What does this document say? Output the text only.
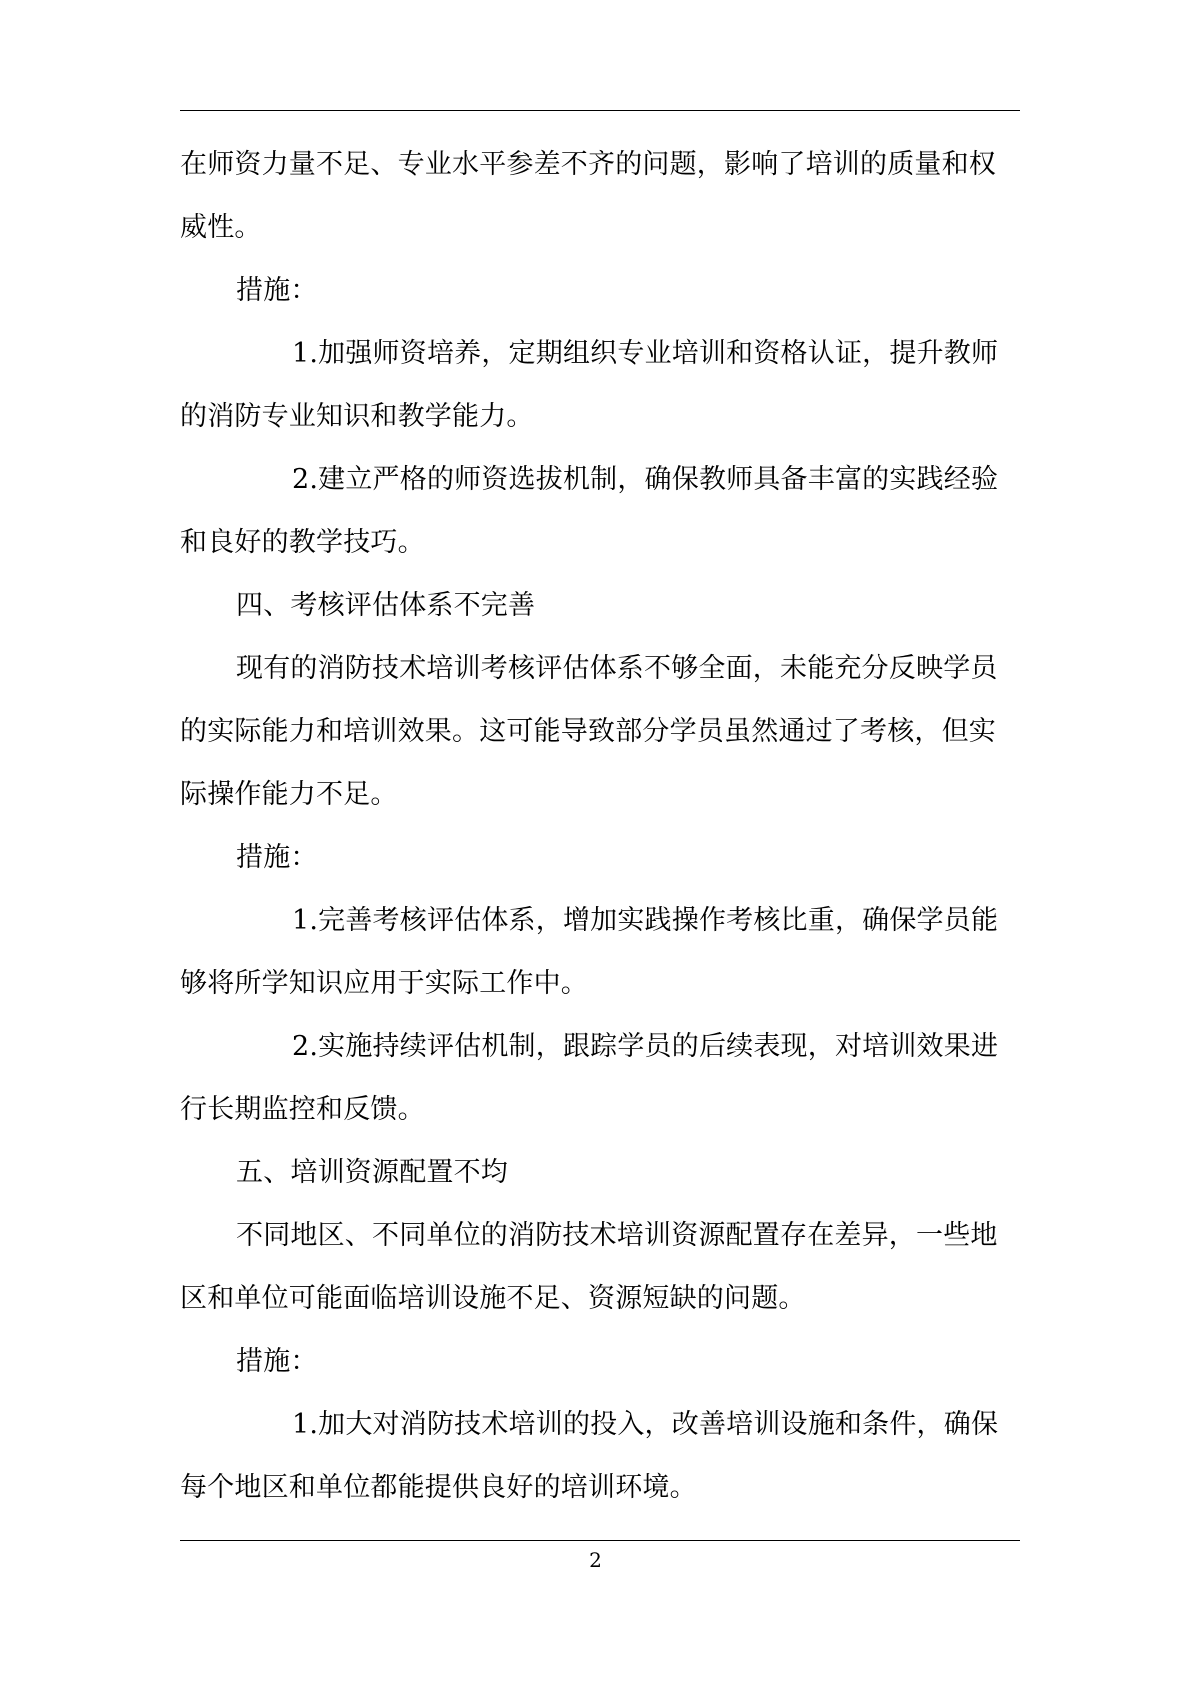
在师资力量不足、专业水平参差不齐的问题，影响了培训的质量和权
威性。
措施：
1.加强师资培养，定期组织专业培训和资格认证，提升教师
的消防专业知识和教学能力。
2.建立严格的师资选拔机制，确保教师具备丰富的实践经验
和良好的教学技巧。
四、考核评估体系不完善
现有的消防技术培训考核评估体系不够全面，未能充分反映学员
的实际能力和培训效果。这可能导致部分学员虽然通过了考核，但实
际操作能力不足。
措施：
1.完善考核评估体系，增加实践操作考核比重，确保学员能
够将所学知识应用于实际工作中。
2.实施持续评估机制，跟踪学员的后续表现，对培训效果进
行长期监控和反馈。
五、培训资源配置不均
不同地区、不同单位的消防技术培训资源配置存在差异，一些地
区和单位可能面临培训设施不足、资源短缺的问题。
措施：
1.加大对消防技术培训的投入，改善培训设施和条件，确保
每个地区和单位都能提供良好的培训环境。
2
